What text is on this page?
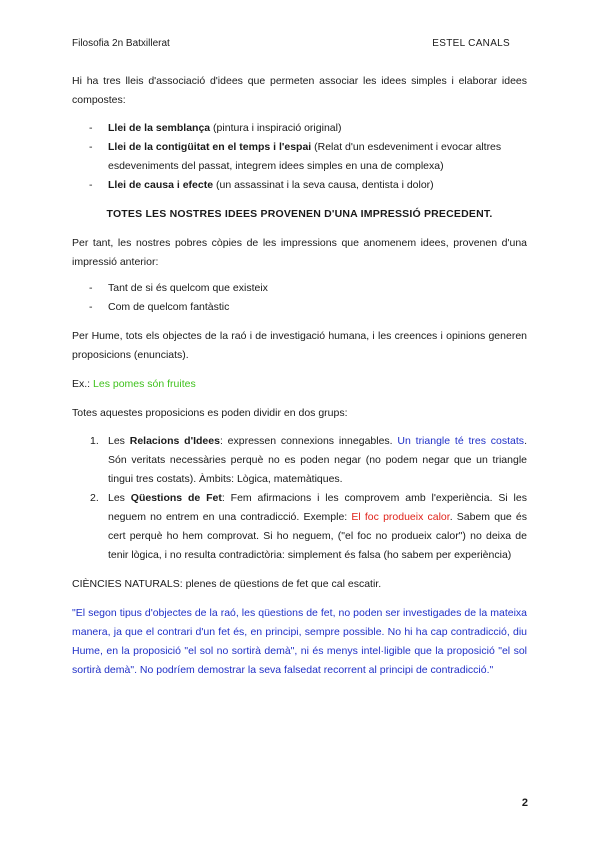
Filosofia 2n Batxillerat	ESTEL CANALS

Hi ha tres lleis d'associació d'idees que permeten associar les idees simples i elaborar idees compostes:

- Llei de la semblança (pintura i inspiració original)
- Llei de la contigüitat en el temps i l'espai (Relat d'un esdeveniment i evocar altres esdeveniments del passat, integrem idees simples en una de complexa)
- Llei de causa i efecte (un assassinat i la seva causa, dentista i dolor)

TOTES LES NOSTRES IDEES PROVENEN D'UNA IMPRESSIÓ PRECEDENT.

Per tant, les nostres pobres còpies de les impressions que anomenem idees, provenen d'una impressió anterior:

- Tant de si és quelcom que existeix
- Com de quelcom fantàstic

Per Hume, tots els objectes de la raó i de investigació humana, i les creences i opinions generen proposicions (enunciats).

Ex.: Les pomes són fruites

Totes aquestes proposicions es poden dividir en dos grups:

1. Les Relacions d'Idees: expressen connexions innegables. Un triangle té tres costats. Són veritats necessàries perquè no es poden negar (no podem negar que un triangle tingui tres costats). Àmbits: Lògica, matemàtiques.
2. Les Qüestions de Fet: Fem afirmacions i les comprovem amb l'experiència. Si les neguem no entrem en una contradicció. Exemple: El foc produeix calor. Sabem que és cert perquè ho hem comprovat. Si ho neguem, ("el foc no produeix calor") no deixa de tenir lògica, i no resulta contradictòria: simplement és falsa (ho sabem per experiència)

CIÈNCIES NATURALS: plenes de qüestions de fet que cal escatir.

"El segon tipus d'objectes de la raó, les qüestions de fet, no poden ser investigades de la mateixa manera, ja que el contrari d'un fet és, en principi, sempre possible. No hi ha cap contradicció, diu Hume, en la proposició "el sol no sortirà demà", ni és menys intel·ligible que la proposició "el sol sortirà demà". No podríem demostrar la seva falsedat recorrent al principi de contradicció."

2
